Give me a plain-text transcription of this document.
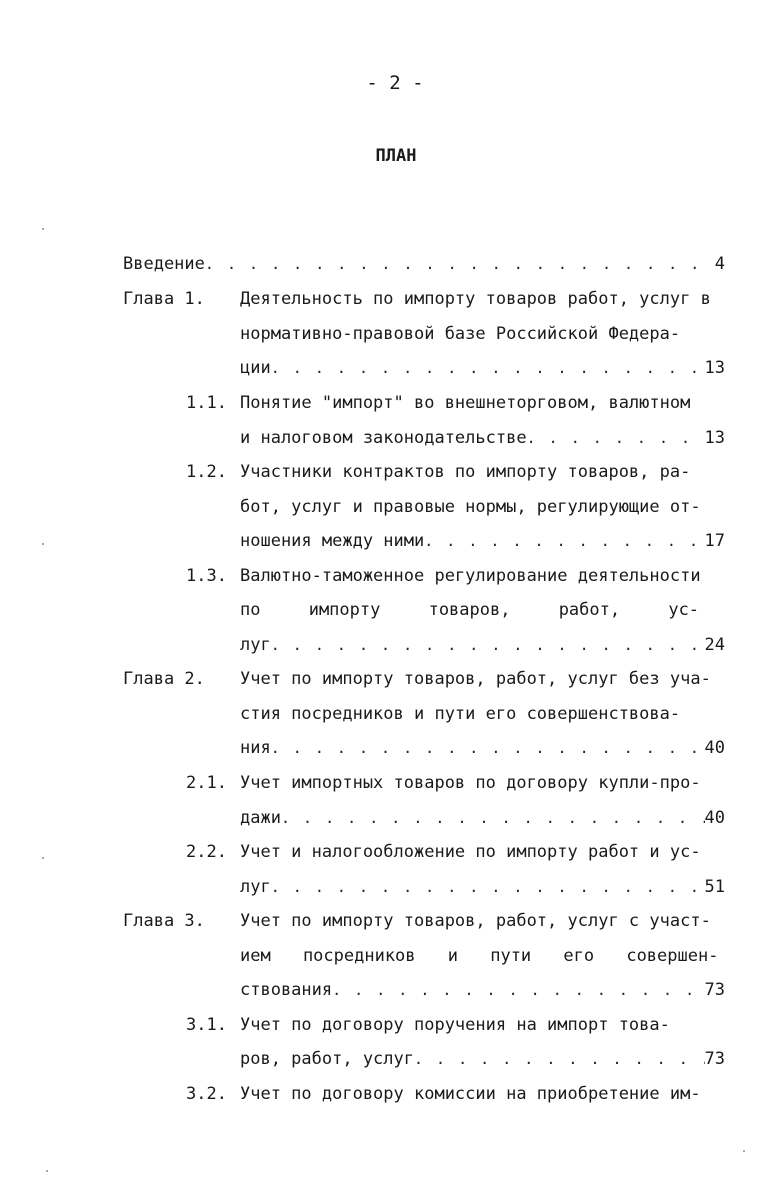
- 2 -
ПЛАН
Введение . . .	4
Глава 1. Деятельность по импорту товаров работ, услуг в
нормативно-правовой базе Российской Федера-
ции . . .	13
1.1. Понятие "импорт" во внешнеторговом, валютном
и налоговом законодательстве . . .	13
1.2. Участники контрактов по импорту товаров, ра-
бот, услуг и правовые нормы, регулирующие от-
ношения между ними . . .	17
1.3. Валютно-таможенное регулирование деятельности
по импорту товаров, работ, ус-
луг . . .	24
Глава 2. Учет по импорту товаров, работ, услуг без уча-
стия посредников и пути его совершенствова-
ния . . .	40
2.1. Учет импортных товаров по договору купли-про-
дажи . . .	40
2.2. Учет и налогообложение по импорту работ и ус-
луг . . .	51
Глава 3. Учет по импорту товаров, работ, услуг с участ-
ием посредников и пути его совершен-
ствования . . .	73
3.1. Учет по договору поручения на импорт това-
ров, работ, услуг . . .	73
3.2. Учет по договору комиссии на приобретение им-
